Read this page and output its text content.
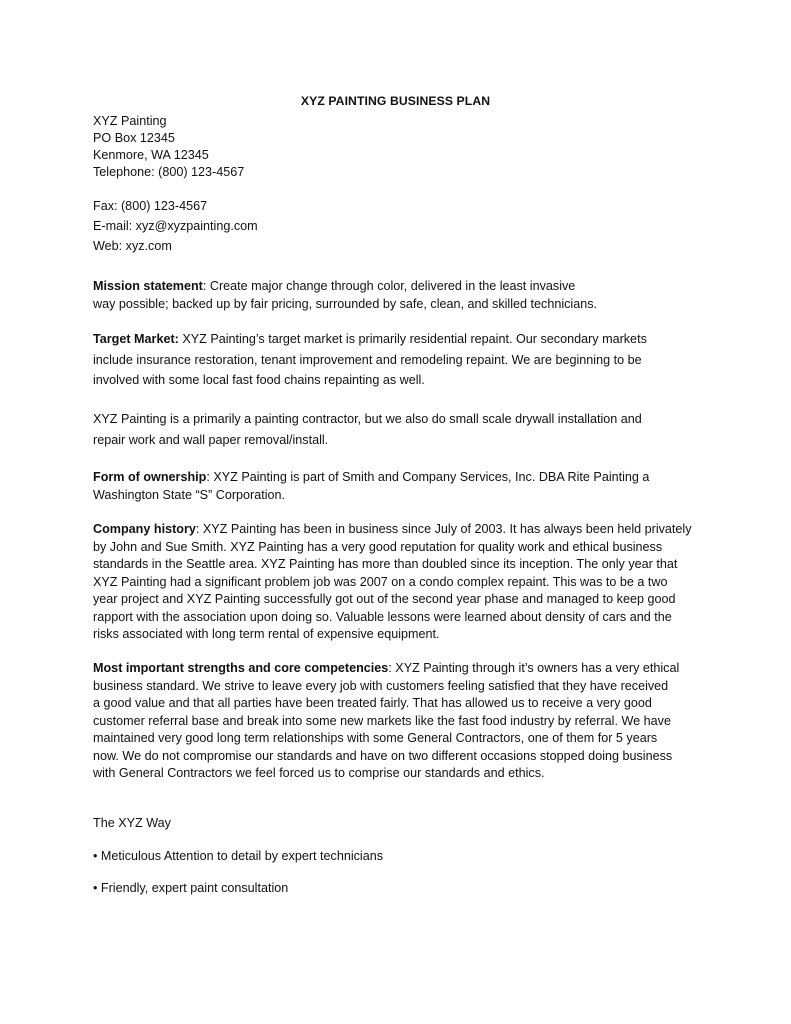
XYZ PAINTING BUSINESS PLAN
XYZ Painting
PO Box 12345
Kenmore, WA 12345
Telephone: (800) 123-4567
Fax: (800) 123-4567
E-mail: xyz@xyzpainting.com
Web: xyz.com

Mission statement: Create major change through color, delivered in the least invasive

way possible; backed up by fair pricing, surrounded by safe, clean, and skilled technicians.

Target Market: XYZ Painting’s target market is primarily residential repaint. Our secondary markets

include insurance restoration, tenant improvement and remodeling repaint. We are beginning to be

involved with some local fast food chains repainting as well.

XYZ Painting is a primarily a painting contractor, but we also do small scale drywall installation and

repair work and wall paper removal/install.

Form of ownership: XYZ Painting is part of Smith and Company Services, Inc. DBA Rite Painting a

Washington State “S” Corporation.

Company history: XYZ Painting has been in business since July of 2003. It has always been held privately

by John and Sue Smith. XYZ Painting has a very good reputation for quality work and ethical business

standards in the Seattle area. XYZ Painting has more than doubled since its inception. The only year that

XYZ Painting had a significant problem job was 2007 on a condo complex repaint. This was to be a two

year project and XYZ Painting successfully got out of the second year phase and managed to keep good

rapport with the association upon doing so. Valuable lessons were learned about density of cars and the

risks associated with long term rental of expensive equipment.

Most important strengths and core competencies: XYZ Painting through it’s owners has a very ethical

business standard. We strive to leave every job with customers feeling satisfied that they have received

a good value and that all parties have been treated fairly. That has allowed us to receive a very good

customer referral base and break into some new markets like the fast food industry by referral. We have

maintained very good long term relationships with some General Contractors, one of them for 5 years

now. We do not compromise our standards and have on two different occasions stopped doing business

with General Contractors we feel forced us to comprise our standards and ethics.

The XYZ Way
• Meticulous Attention to detail by expert technicians
• Friendly, expert paint consultation
